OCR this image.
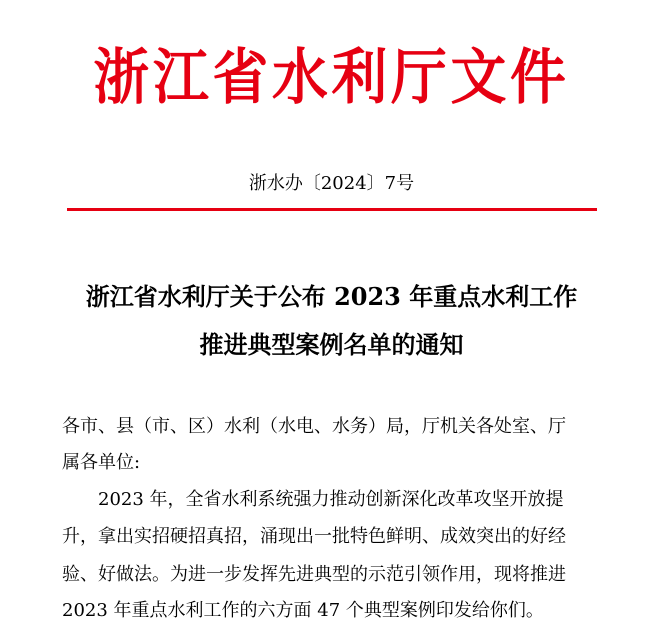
浙江省水利厅文件
浙水办〔2024〕7号
浙江省水利厅关于公布 2023 年重点水利工作
推进典型案例名单的通知
各市、县（市、区）水利（水电、水务）局，厅机关各处室、厅
属各单位:
2023 年，全省水利系统强力推动创新深化改革攻坚开放提
升，拿出实招硬招真招，涌现出一批特色鲜明、成效突出的好经
验、好做法。为进一步发挥先进典型的示范引领作用，现将推进
2023 年重点水利工作的六方面 47 个典型案例印发给你们。
